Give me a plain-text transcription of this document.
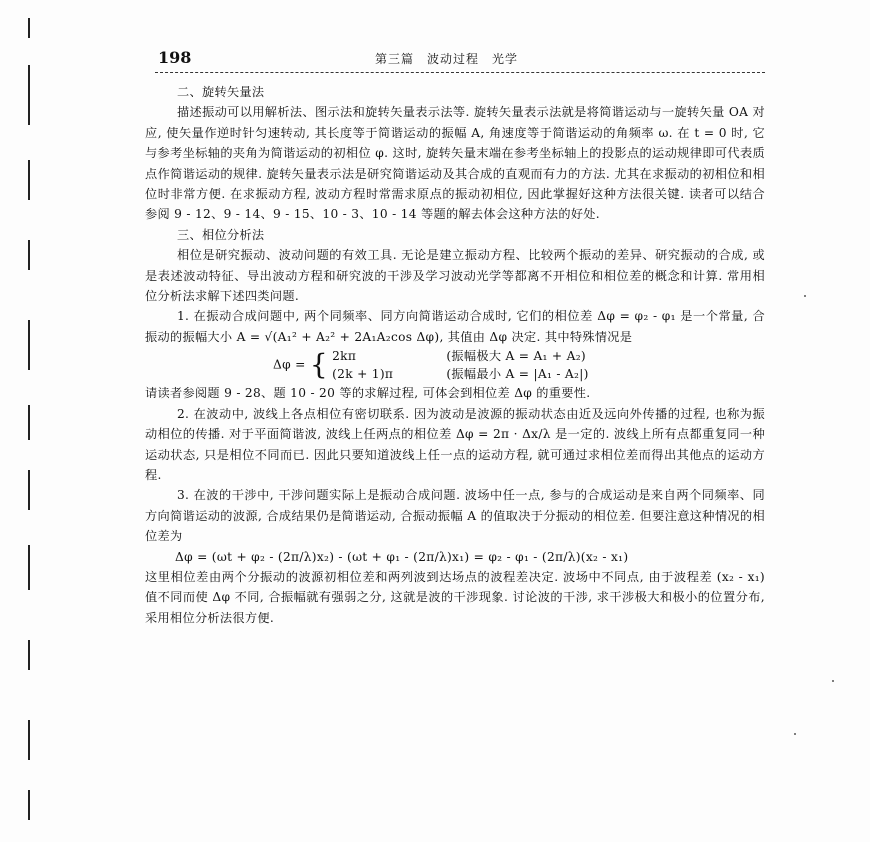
198	第三篇　波动过程　光学

二、旋转矢量法

描述振动可以用解析法、图示法和旋转矢量表示法等. 旋转矢量表示法就是将简谐运动与一旋转矢量 OA 对应, 使矢量作逆时针匀速转动, 其长度等于简谐运动的振幅 A, 角速度等于简谐运动的角频率 ω. 在 t = 0 时, 它与参考坐标轴的夹角为简谐运动的初相位 φ. 这时, 旋转矢量末端在参考坐标轴上的投影点的运动规律即可代表质点作简谐运动的规律. 旋转矢量表示法是研究简谐运动及其合成的直观而有力的方法. 尤其在求振动的初相位和相位时非常方便. 在求振动方程, 波动方程时常需求原点的振动初相位, 因此掌握好这种方法很关键. 读者可以结合参阅 9 - 12、9 - 14、9 - 15、10 - 3、10 - 14 等题的解去体会这种方法的好处.

三、相位分析法

相位是研究振动、波动问题的有效工具. 无论是建立振动方程、比较两个振动的差异、研究振动的合成, 或是表述波动特征、导出波动方程和研究波的干涉及学习波动光学等都离不开相位和相位差的概念和计算. 常用相位分析法求解下述四类问题.

1. 在振动合成问题中, 两个同频率、同方向简谐运动合成时, 它们的相位差 Δφ = φ₂ - φ₁ 是一个常量, 合振动的振幅大小 A = √(A₁² + A₂² + 2A₁A₂cos Δφ), 其值由 Δφ 决定. 其中特殊情况是

Δφ = { 2kπ	(振幅极大 A = A₁ + A₂)
(2k + 1)π	(振幅最小 A = |A₁ - A₂|)

请读者参阅题 9 - 28、题 10 - 20 等的求解过程, 可体会到相位差 Δφ 的重要性.

2. 在波动中, 波线上各点相位有密切联系. 因为波动是波源的振动状态由近及远向外传播的过程, 也称为振动相位的传播. 对于平面简谐波, 波线上任两点的相位差 Δφ = 2π · Δx/λ 是一定的. 波线上所有点都重复同一种运动状态, 只是相位不同而已. 因此只要知道波线上任一点的运动方程, 就可通过求相位差而得出其他点的运动方程.

3. 在波的干涉中, 干涉问题实际上是振动合成问题. 波场中任一点, 参与的合成运动是来自两个同频率、同方向简谐运动的波源, 合成结果仍是简谐运动, 合振动振幅 A 的值取决于分振动的相位差. 但要注意这种情况的相位差为

Δφ = (ωt + φ₂ - (2π/λ)x₂) - (ωt + φ₁ - (2π/λ)x₁) = φ₂ - φ₁ - (2π/λ)(x₂ - x₁)

这里相位差由两个分振动的波源初相位差和两列波到达场点的波程差决定. 波场中不同点, 由于波程差 (x₂ - x₁) 值不同而使 Δφ 不同, 合振幅就有强弱之分, 这就是波的干涉现象. 讨论波的干涉, 求干涉极大和极小的位置分布, 采用相位分析法很方便.
